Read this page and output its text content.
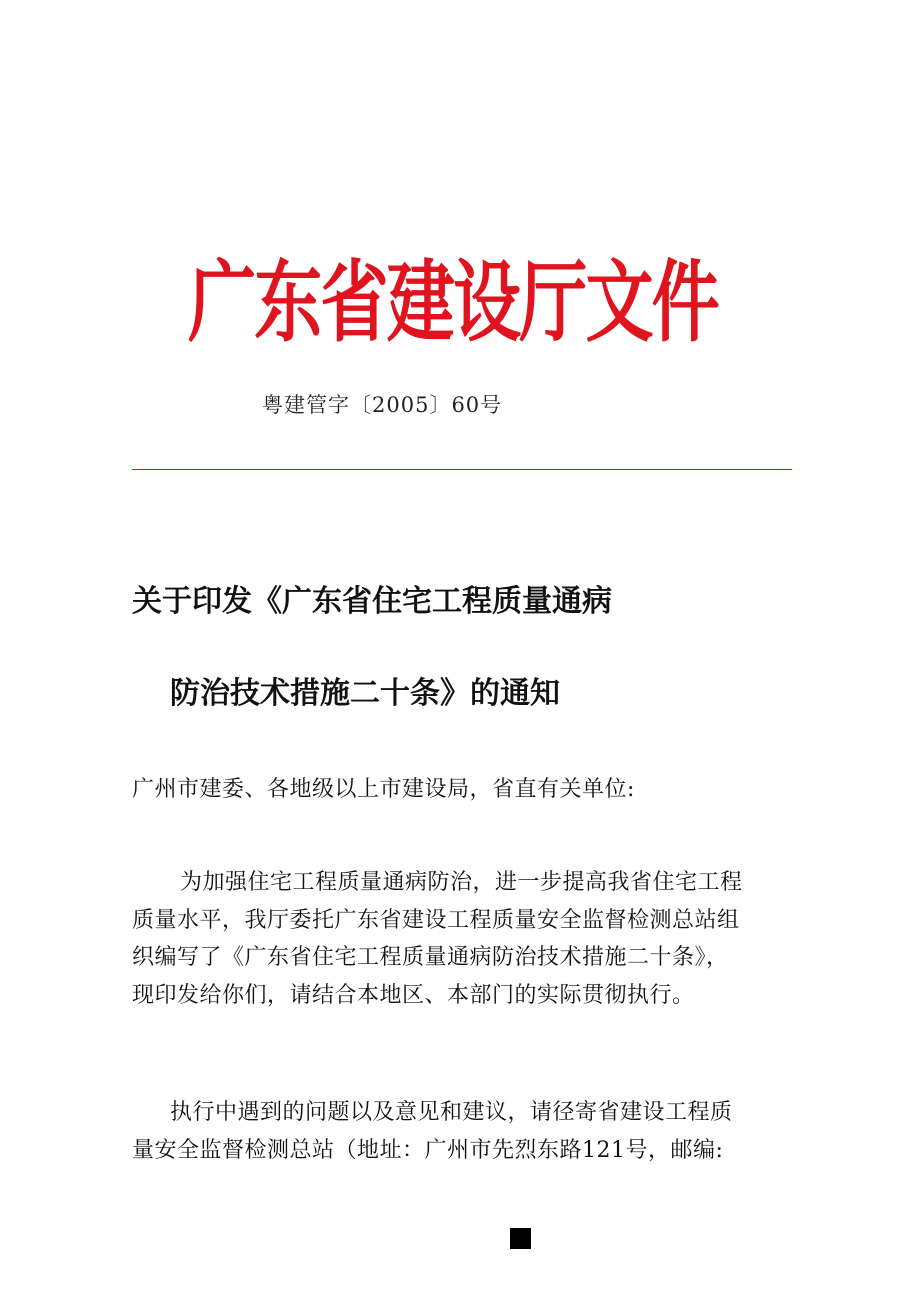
广东省建设厅文件
粤建管字〔2005〕60号
关于印发《广东省住宅工程质量通病
防治技术措施二十条》的通知
广州市建委、各地级以上市建设局，省直有关单位:
为加强住宅工程质量通病防治，进一步提高我省住宅工程
质量水平，我厅委托广东省建设工程质量安全监督检测总站组
织编写了《广东省住宅工程质量通病防治技术措施二十条》，
现印发给你们，请结合本地区、本部门的实际贯彻执行。
执行中遇到的问题以及意见和建议，请径寄省建设工程质
量安全监督检测总站（地址：广州市先烈东路121号，邮编:
